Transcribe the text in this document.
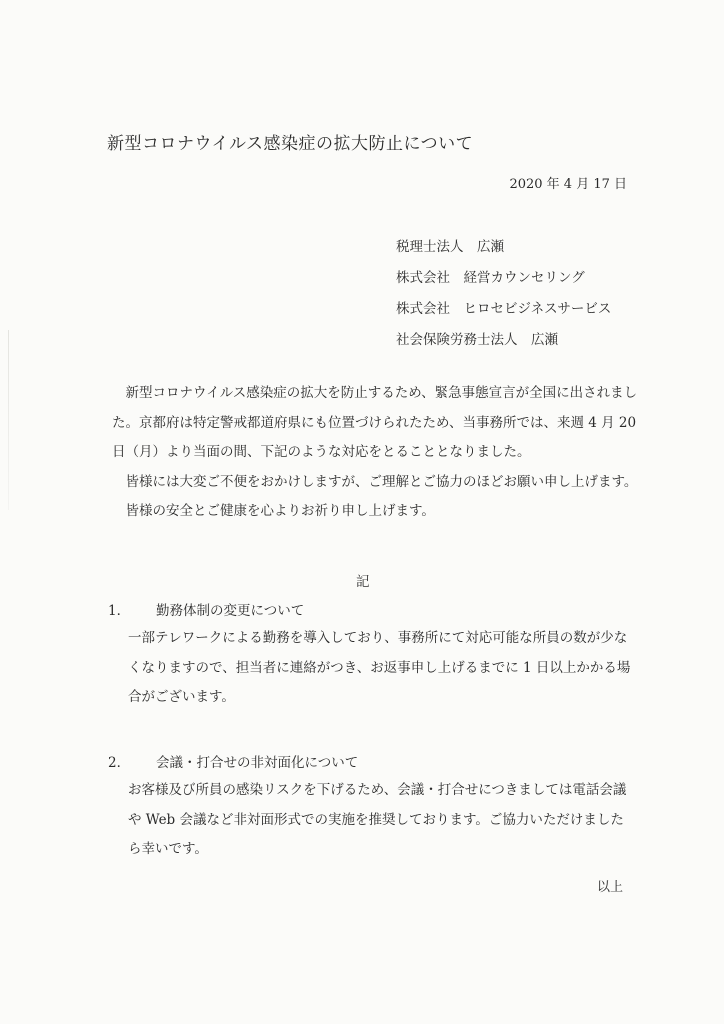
新型コロナウイルス感染症の拡大防止について
2020 年 4 月 17 日
税理士法人　広瀬
株式会社　経営カウンセリング
株式会社　ヒロセビジネスサービス
社会保険労務士法人　広瀬

　新型コロナウイルス感染症の拡大を防止するため、緊急事態宣言が全国に出されまし

た。京都府は特定警戒都道府県にも位置づけられたため、当事務所では、来週 4 月 20

日（月）より当面の間、下記のような対応をとることとなりました。

　皆様には大変ご不便をおかけしますが、ご理解とご協力のほどお願い申し上げます。

　皆様の安全とご健康を心よりお祈り申し上げます。

記
1． 勤務体制の変更について
一部テレワークによる勤務を導入しており、事務所にて対応可能な所員の数が少な
くなりますので、担当者に連絡がつき、お返事申し上げるまでに 1 日以上かかる場
合がございます。
2． 会議・打合せの非対面化について
お客様及び所員の感染リスクを下げるため、会議・打合せにつきましては電話会議
や Web 会議など非対面形式での実施を推奨しております。ご協力いただけました
ら幸いです。
以上
